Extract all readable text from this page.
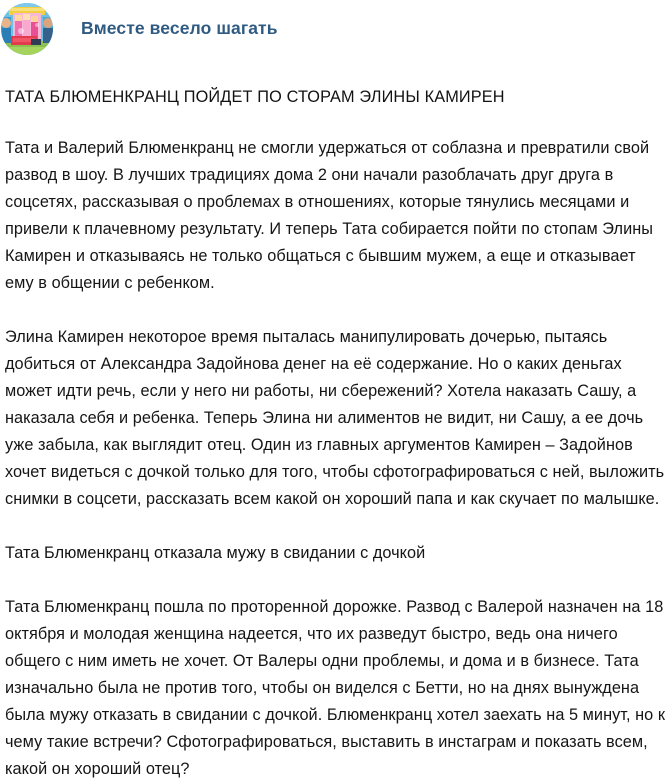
Вместе весело шагать
ТАТА БЛЮМЕНКРАНЦ ПОЙДЕТ ПО СТОРАМ ЭЛИНЫ КАМИРЕН

Тата и Валерий Блюменкранц не смогли удержаться от соблазна и превратили свой развод в шоу. В лучших традициях дома 2 они начали разоблачать друг друга в соцсетях, рассказывая о проблемах в отношениях, которые тянулись месяцами и привели к плачевному результату. И теперь Тата собирается пойти по стопам Элины Камирен и отказываясь не только общаться с бывшим мужем, а еще и отказывает ему в общении с ребенком.

Элина Камирен некоторое время пыталась манипулировать дочерью, пытаясь добиться от Александра Задойнова денег на её содержание. Но о каких деньгах может идти речь, если у него ни работы, ни сбережений? Хотела наказать Сашу, а наказала себя и ребенка. Теперь Элина ни алиментов не видит, ни Сашу, а ее дочь уже забыла, как выглядит отец. Один из главных аргументов Камирен – Задойнов хочет видеться с дочкой только для того, чтобы сфотографироваться с ней, выложить снимки в соцсети, рассказать всем какой он хороший папа и как скучает по малышке.

Тата Блюменкранц отказала мужу в свидании с дочкой

Тата Блюменкранц пошла по проторенной дорожке. Развод с Валерой назначен на 18 октября и молодая женщина надеется, что их разведут быстро, ведь она ничего общего с ним иметь не хочет. От Валеры одни проблемы, и дома и в бизнесе. Тата изначально была не против того, чтобы он виделся с Бетти, но на днях вынуждена была мужу отказать в свидании с дочкой. Блюменкранц хотел заехать на 5 минут, но к чему такие встречи? Сфотографироваться, выставить в инстаграм и показать всем, какой он хороший отец?
